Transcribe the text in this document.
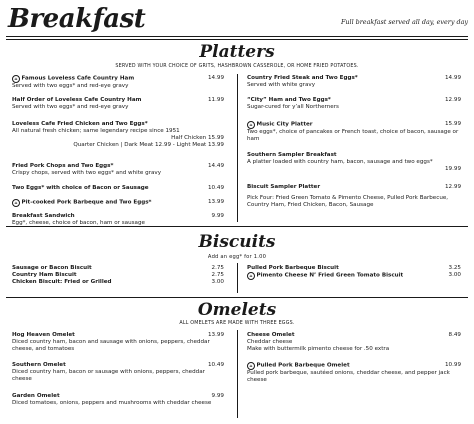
Breakfast	Full breakfast served all day, every day
Platters
SERVED WITH YOUR CHOICE OF GRITS, HASHBROWN CASSEROLE, OR HOME FRIED POTATOES.
⌂ Famous Loveless Cafe Country Ham	14.99
Served with two eggs* and red-eye gravy
Half Order of Loveless Cafe Country Ham	11.99
Served with two eggs* and red-eye gravy
Loveless Cafe Fried Chicken and Two Eggs*
All natural fresh chicken; same legendary recipe since 1951
Half Chicken 15.99
Quarter Chicken | Dark Meat 12.99 - Light Meat 13.99
Fried Pork Chops and Two Eggs*	14.49
Crispy chops, served with two eggs* and white gravy
Two Eggs* with choice of Bacon or Sausage	10.49
⌂ Pit-cooked Pork Barbeque and Two Eggs*	13.99
Breakfast Sandwich	9.99
Egg*, cheese, choice of bacon, ham or sausage
Country Fried Steak and Two Eggs*	14.99
Served with white gravy
“City” Ham and Two Eggs*	12.99
Sugar-cured for y’all Northerners
⌂ Music City Platter	15.99
Two eggs*, choice of pancakes or French toast, choice of bacon, sausage or ham
Southern Sampler Breakfast
A platter loaded with country ham, bacon, sausage and two eggs*
19.99
Biscuit Sampler Platter	12.99
Pick Four: Fried Green Tomato & Pimento Cheese, Pulled Pork Barbecue, Country Ham, Fried Chicken, Bacon, Sausage
Biscuits
Add an egg* for 1.00
Sausage or Bacon Biscuit	2.75
Country Ham Biscuit	2.75
Chicken Biscuit: Fried or Grilled	3.00
Pulled Pork Barbeque Biscuit	3.25
⌂ Pimento Cheese N’ Fried Green Tomato Biscuit	3.00
Omelets
ALL OMELETS ARE MADE WITH THREE EGGS.
Hog Heaven Omelet	13.99
Diced country ham, bacon and sausage with onions, peppers, cheddar cheese, and tomatoes
Southern Omelet	10.49
Diced country ham, bacon or sausage with onions, peppers, cheddar cheese
Garden Omelet	9.99
Diced tomatoes, onions, peppers and mushrooms with cheddar cheese
Cheese Omelet	8.49
Cheddar cheese
Make with buttermilk pimento cheese for .50 extra
⌂ Pulled Pork Barbeque Omelet	10.99
Pulled pork barbeque, sautéed onions, cheddar cheese, and pepper jack cheese
